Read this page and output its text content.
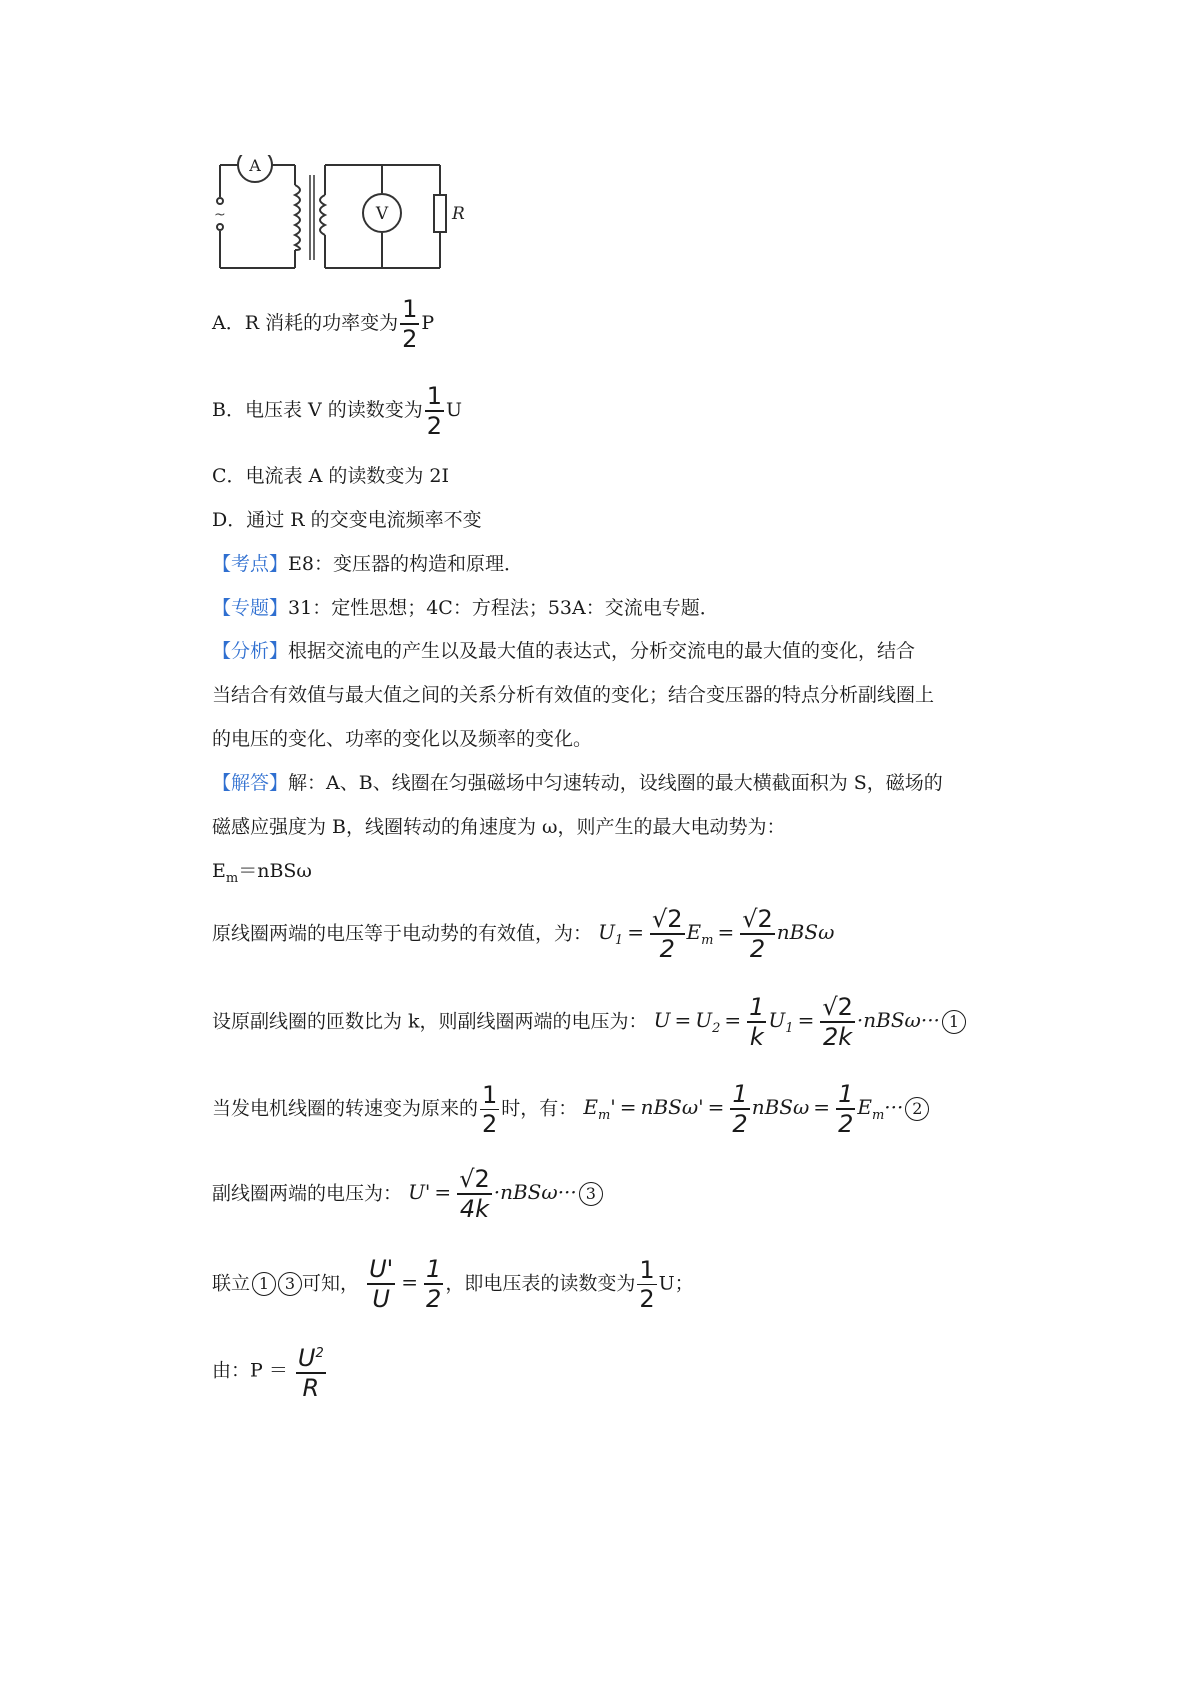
A
V	R
~
A．R 消耗的功率变为 $\frac{1}{2}$ P
B．电压表 V 的读数变为 $\frac{1}{2}$ U
C．电流表 A 的读数变为 2I
D．通过 R 的交变电流频率不变
【考点】E8：变压器的构造和原理．
【专题】31：定性思想；4C：方程法；53A：交流电专题．
【分析】根据交流电的产生以及最大值的表达式，分析交流电的最大值的变化，结合
当结合有效值与最大值之间的关系分析有效值的变化；结合变压器的特点分析副线圈上
的电压的变化、功率的变化以及频率的变化。
【解答】解：A、B、线圈在匀强磁场中匀速转动，设线圈的最大横截面积为 S，磁场的
磁感应强度为 B，线圈转动的角速度为 ω，则产生的最大电动势为：
$E_m=nBS\omega$
原线圈两端的电压等于电动势的有效值，为： $U_1 = \frac{√2}{2} E_m = \frac{√2}{2}$ nBSω
设原副线圈的匝数比为 k，则副线圈两端的电压为： $U = U_2 = \frac{1}{k} U_1 = \frac{√2}{2k} \cdot nBS\omega\cdot\cdot\cdot 1$
当发电机线圈的转速变为原来的 $\frac{1}{2}$ 时，有： $E_m' = nBS\omega' = \frac{1}{2}$ $nBS\omega = \frac{1}{2} E_m\cdot\cdot\cdot 2$
副线圈两端的电压为： $U' = \frac{√2}{4k} \cdot nBS\omega\cdot\cdot\cdot 3$
联立 1 3 可知， $\frac{U'}{U} = \frac{1}{2}$ ，即电压表的读数变为 $\frac{1}{2}$ U；
由：$P = \frac{U^2}{R}$
